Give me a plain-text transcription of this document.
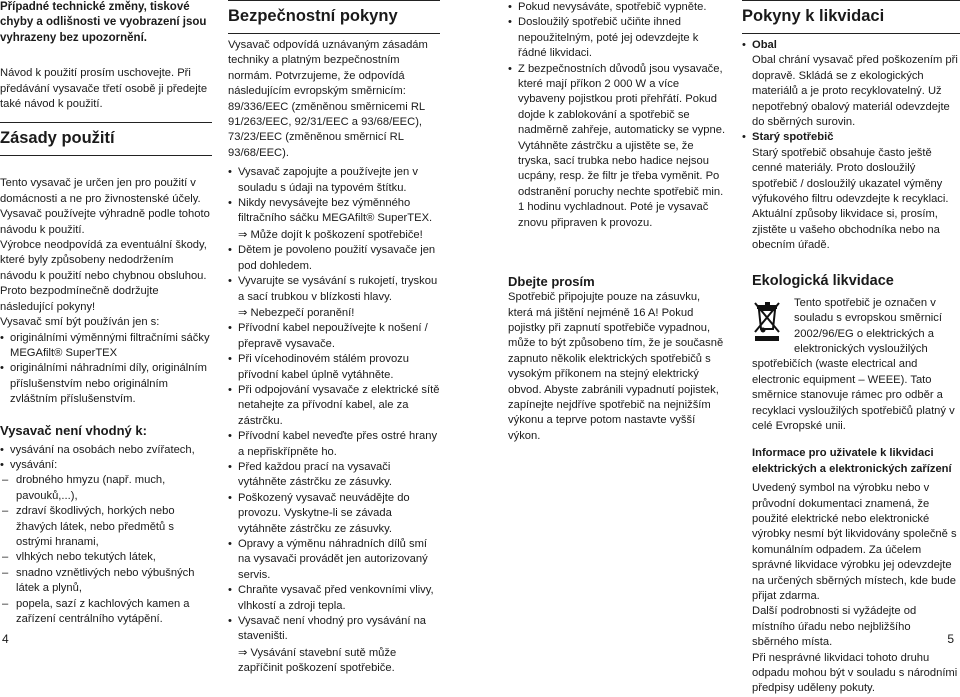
Případné technické změny, tiskové chyby a odlišnosti ve vyobrazení jsou vyhrazeny bez upozornění.

Návod k použití prosím uschovejte. Při předávání vysavače třetí osobě ji předejte také návod k použití.

Zásady použití

Tento vysavač je určen jen pro použití v domácnosti a ne pro živnostenské účely.

Vysavač používejte výhradně podle tohoto návodu k použití.

Výrobce neodpovídá za eventuální škody, které byly způsobeny nedodržením návodu k použití nebo chybnou obsluhou.

Proto bezpodmínečně dodržujte následující pokyny!

Vysavač smí být používán jen s:

• originálními výměnnými filtračními sáčky MEGAfilt® SuperTEX
• originálními náhradními díly, originálním příslušenstvím nebo originálním zvláštním příslušenstvím.

Vysavač není vhodný k:

• vysávání na osobách nebo zvířatech,
• vysávání:
– drobného hmyzu (např. much, pavouků,...),
– zdraví škodlivých, horkých nebo žhavých látek, nebo předmětů s ostrými hranami,
– vlhkých nebo tekutých látek,
– snadno vznětlivých nebo výbušných látek a plynů,
– popela, sazí z kachlových kamen a zařízení centrálního vytápění.
4
Bezpečnostní pokyny

Vysavač odpovídá uznávaným zásadám techniky a platným bezpečnostním normám. Potvrzujeme, že odpovídá následujícím evropským směrnicím: 89/336/EEC (změněnou směrnicemi RL 91/263/EEC, 92/31/EEC a 93/68/EEC), 73/23/EEC (změněnou směrnicí RL 93/68/EEC).

• Vysavač zapojujte a používejte jen v souladu s údaji na typovém štítku.
• Nikdy nevysávejte bez výměnného filtračního sáčku MEGAfilt® SuperTEX.
⇒ Může dojít k poškození spotřebiče!
• Dětem je povoleno použití vysavače jen pod dohledem.
• Vyvarujte se vysávání s rukojetí, tryskou a sací trubkou v blízkosti hlavy.
⇒ Nebezpečí poranění!
• Přívodní kabel nepoužívejte k nošení / přepravě vysavače.
• Při vícehodinovém stálém provozu přívodní kabel úplně vytáhněte.
• Při odpojování vysavače z elektrické sítě netahejte za přívodní kabel, ale za zástrčku.
• Přívodní kabel neveďte přes ostré hrany a nepřiskřípněte ho.
• Před každou prací na vysavači vytáhněte zástrčku ze zásuvky.
• Poškozený vysavač neuvádějte do provozu. Vyskytne-li se závada vytáhněte zástrčku ze zásuvky.
• Opravy a výměnu náhradních dílů smí na vysavači provádět jen autorizovaný servis.
• Chraňte vysavač před venkovními vlivy, vlhkostí a zdroji tepla.
• Vysavač není vhodný pro vysávání na staveništi.
⇒ Vysávání stavební sutě může zapříčinit poškození spotřebiče.
• Pokud nevysáváte, spotřebič vypněte.
• Dosloužilý spotřebič učiňte ihned nepoužitelným, poté jej odevzdejte k řádné likvidaci.
• Z bezpečnostních důvodů jsou vysavače, které mají příkon 2 000 W a více vybaveny pojistkou proti přehřátí. Pokud dojde k zablokování a spotřebič se nadměrně zahřeje, automaticky se vypne. Vytáhněte zástrčku a ujistěte se, že tryska, sací trubka nebo hadice nejsou ucpány, resp. že filtr je třeba vyměnit. Po odstranění poruchy nechte spotřebič min. 1 hodinu vychladnout. Poté je vysavač znovu připraven k provozu.

Dbejte prosím

Spotřebič připojujte pouze na zásuvku, která má jištění nejméně 16 A! Pokud pojistky při zapnutí spotřebiče vypadnou, může to být způsobeno tím, že je současně zapnuto několik elektrických spotřebičů s vysokým příkonem na stejný elektrický obvod. Abyste zabránili vypadnutí pojistek, zapínejte nejdříve spotřebič na nejnižším výkonu a teprve potom nastavte vyšší výkon.

Pokyny k likvidaci
• Obal
Obal chrání vysavač před poškozením při dopravě. Skládá se z ekologických materiálů a je proto recyklovatelný. Už nepotřebný obalový materiál odevzdejte do sběrných surovin.
• Starý spotřebič
Starý spotřebič obsahuje často ještě cenné materiály. Proto dosloužilý spotřebič / dosloužilý ukazatel výměny výfukového filtru odevzdejte k recyklaci.
Aktuální způsoby likvidace si, prosím, zjistěte u vašeho obchodníka nebo na obecním úřadě.

Ekologická likvidace

Tento spotřebič je označen v souladu s evropskou směrnicí 2002/96/EG o elektrických a elektronických vysloužilých spotřebičích (waste electrical and electronic equipment – WEEE). Tato směrnice stanovuje rámec pro odběr a recyklaci vysloužilých spotřebičů platný v celé Evropské unii.

Informace pro uživatele k likvidaci elektrických a elektronických zařízení

Uvedený symbol na výrobku nebo v průvodní dokumentaci znamená, že použité elektrické nebo elektronické výrobky nesmí být likvidovány společně s komunálním odpadem. Za účelem správné likvidace výrobku jej odevzdejte na určených sběrných místech, kde bude přijat zdarma.

Další podrobnosti si vyžádejte od místního úřadu nebo nejbližšího sběrného místa.

Při nesprávné likvidaci tohoto druhu odpadu mohou být v souladu s národními předpisy uděleny pokuty.

5
